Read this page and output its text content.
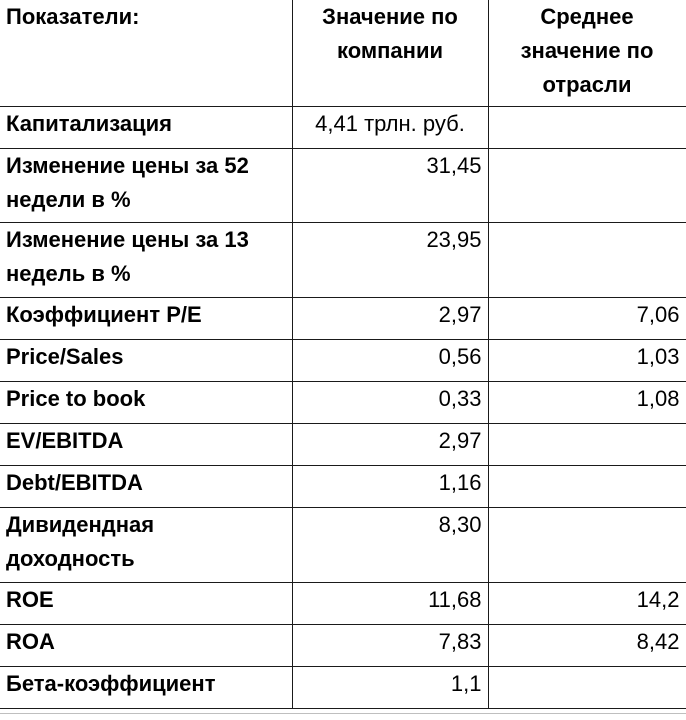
Показатели:	Значение по компании	Среднее значение по отрасли
Капитализация	4,41 трлн. руб.	
Изменение цены за 52 недели в %	31,45	
Изменение цены за 13 недель в %	23,95	
Коэффициент P/E	2,97	7,06
Price/Sales	0,56	1,03
Price to book	0,33	1,08
EV/EBITDA	2,97	
Debt/EBITDA	1,16	
Дивидендная доходность	8,30	
ROE	11,68	14,2
ROA	7,83	8,42
Бета-коэффициент	1,1	
